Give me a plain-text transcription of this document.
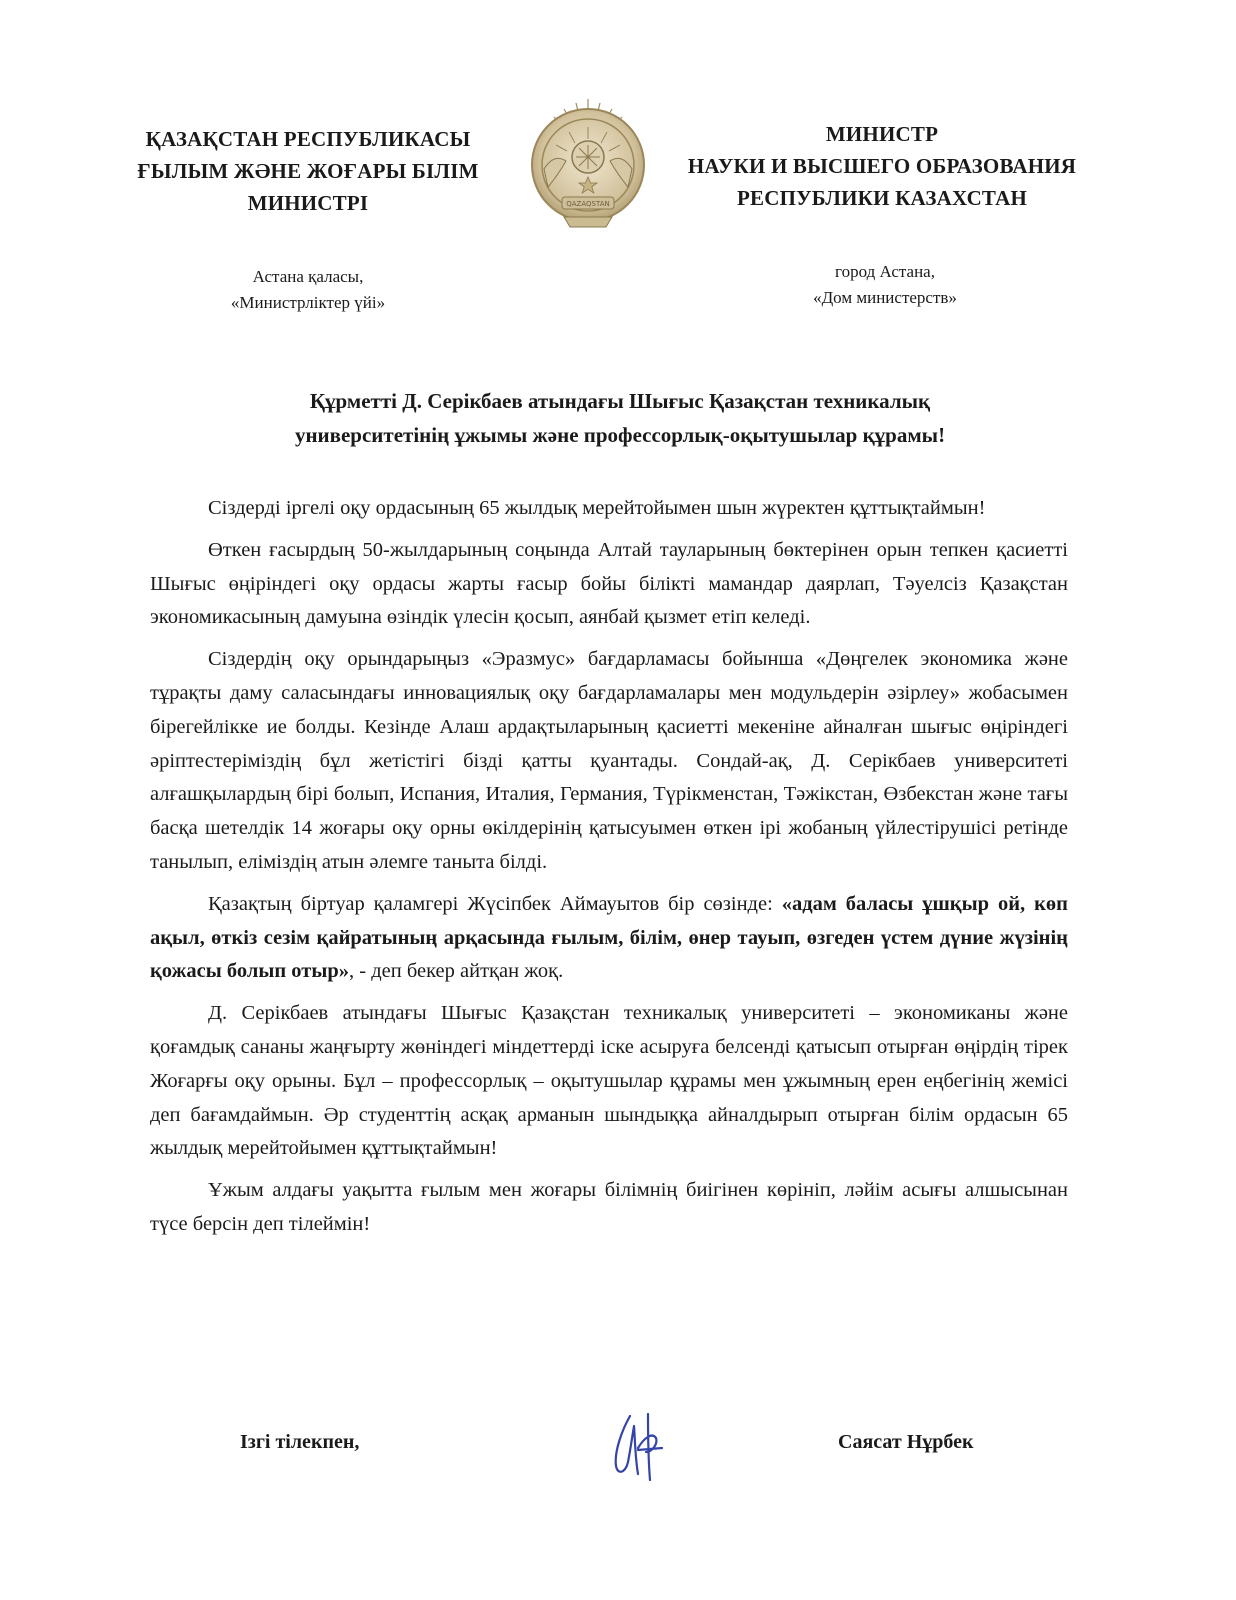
ҚАЗАҚСТАН РЕСПУБЛИКАСЫ
ҒЫЛЫМ ЖӘНЕ ЖОҒАРЫ БІЛІМ
МИНИСТРІ	QAZAQSTAN
МИНИСТР
НАУКИ И ВЫСШЕГО ОБРАЗОВАНИЯ
РЕСПУБЛИКИ КАЗАХСТАН
Астана қаласы,
«Министрліктер үйі»
город Астана,
«Дом министерств»
Құрметті Д. Серікбаев атындағы Шығыс Қазақстан техникалық
университетінің ұжымы және профессорлық-оқытушылар құрамы!

Сіздерді іргелі оқу ордасының 65 жылдық мерейтойымен шын жүректен құттықтаймын!

Өткен ғасырдың 50-жылдарының соңында Алтай тауларының бөктерінен орын тепкен қасиетті Шығыс өңіріндегі оқу ордасы жарты ғасыр бойы білікті мамандар даярлап, Тәуелсіз Қазақстан экономикасының дамуына өзіндік үлесін қосып, аянбай қызмет етіп келеді.

Сіздердің оқу орындарыңыз «Эразмус» бағдарламасы бойынша «Дөңгелек экономика және тұрақты даму саласындағы инновациялық оқу бағдарламалары мен модульдерін әзірлеу» жобасымен бірегейлікке ие болды. Кезінде Алаш ардақтыларының қасиетті мекеніне айналған шығыс өңіріндегі әріптестеріміздің бұл жетістігі бізді қатты қуантады. Сондай-ақ, Д. Серікбаев университеті алғашқылардың бірі болып, Испания, Италия, Германия, Түрікменстан, Тәжікстан, Өзбекстан және тағы басқа шетелдік 14 жоғары оқу орны өкілдерінің қатысуымен өткен ірі жобаның үйлестірушісі ретінде танылып, еліміздің атын әлемге таныта білді.

Қазақтың біртуар қаламгері Жүсіпбек Аймауытов бір сөзінде: «адам баласы ұшқыр ой, көп ақыл, өткіз сезім қайратының арқасында ғылым, білім, өнер тауып, өзгеден үстем дүние жүзінің қожасы болып отыр», - деп бекер айтқан жоқ.

Д. Серікбаев атындағы Шығыс Қазақстан техникалық университеті – экономиканы және қоғамдық сананы жаңғырту жөніндегі міндеттерді іске асыруға белсенді қатысып отырған өңірдің тірек Жоғарғы оқу орыны. Бұл – профессорлық – оқытушылар құрамы мен ұжымның ерен еңбегінің жемісі деп бағамдаймын. Әр студенттің асқақ арманын шындыққа айналдырып отырған білім ордасын 65 жылдық мерейтойымен құттықтаймын!

Ұжым алдағы уақытта ғылым мен жоғары білімнің биігінен көрініп, ләйім асығы алшысынан түсе берсін деп тілеймін!

Ізгі тілекпен,	Саясат Нұрбек
